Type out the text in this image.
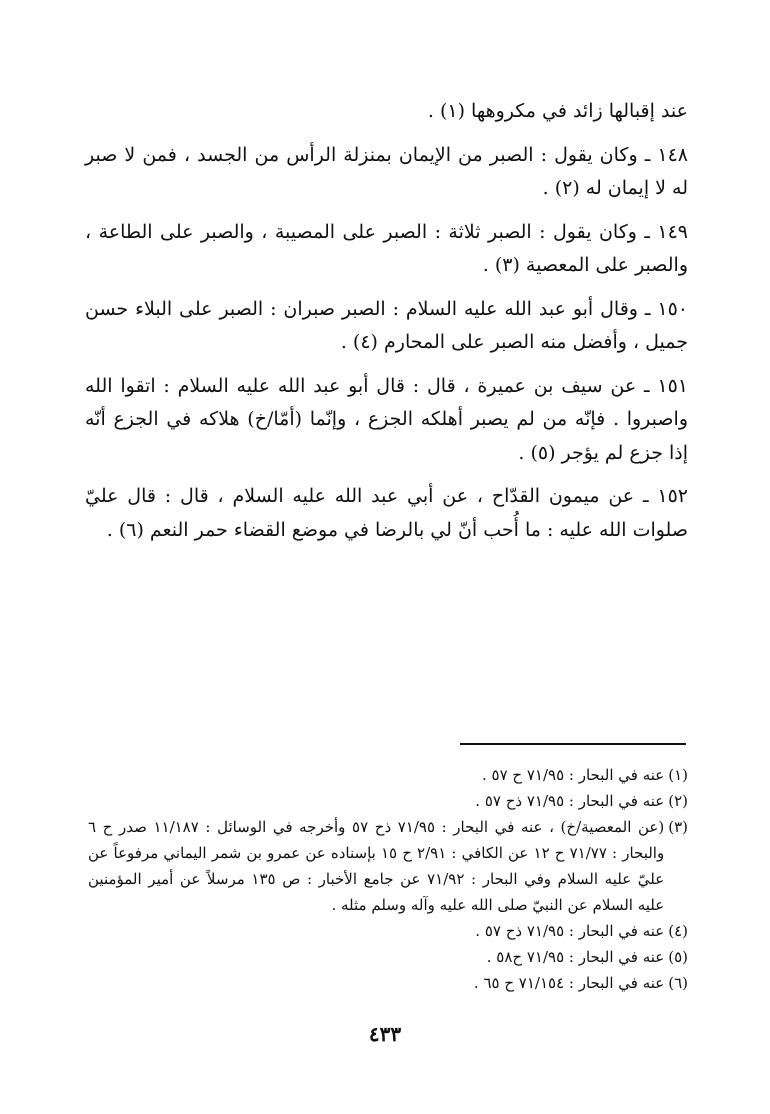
عند إقبالها زائد في مكروهها (١) .

١٤٨ ـ وكان يقول : الصبر من الإيمان بمنزلة الرأس من الجسد ، فمن لا صبر له لا إيمان له (٢) .

١٤٩ ـ وكان يقول : الصبر ثلاثة : الصبر على المصيبة ، والصبر على الطاعة ، والصبر على المعصية (٣) .

١٥٠ ـ وقال أبو عبد الله عليه السلام : الصبر صبران : الصبر على البلاء حسن جميل ، وأفضل منه الصبر على المحارم (٤) .

١٥١ ـ عن سيف بن عميرة ، قال : قال أبو عبد الله عليه السلام : اتقوا الله واصبروا . فإنّه من لم يصبر أهلكه الجزع ، وإنّما (أمّا/خ) هلاكه في الجزع أنّه إذا جزع لم يؤجر (٥) .

١٥٢ ـ عن ميمون القدّاح ، عن أبي عبد الله عليه السلام ، قال : قال عليّ صلوات الله عليه : ما أُحب أنّ لي بالرضا في موضع القضاء حمر النعم (٦) .

(١)
عنه في البحار : ٧١/٩٥ ح ٥٧ .
(٢)
عنه في البحار : ٧١/٩٥ ذح ٥٧ .
(٣)
(عن المعصية/خ) ، عنه في البحار : ٧١/٩٥ ذح ٥٧ وأخرجه في الوسائل : ١١/١٨٧ صدر ح ٦ والبحار : ٧١/٧٧ ح ١٢ عن الكافي : ٢/٩١ ح ١٥ بإسناده عن عمرو بن شمر اليماني مرفوعاً عن عليّ عليه السلام وفي البحار : ٧١/٩٢ عن جامع الأخبار : ص ١٣٥ مرسلاً عن أمير المؤمنين عليه السلام عن النبيّ صلى الله عليه وآله وسلم مثله .
(٤)
عنه في البحار : ٧١/٩٥ ذح ٥٧ .
(٥)
عنه في البحار : ٧١/٩٥ ح٥٨ .
(٦)
عنه في البحار : ٧١/١٥٤ ح ٦٥ .
٤٣٣
